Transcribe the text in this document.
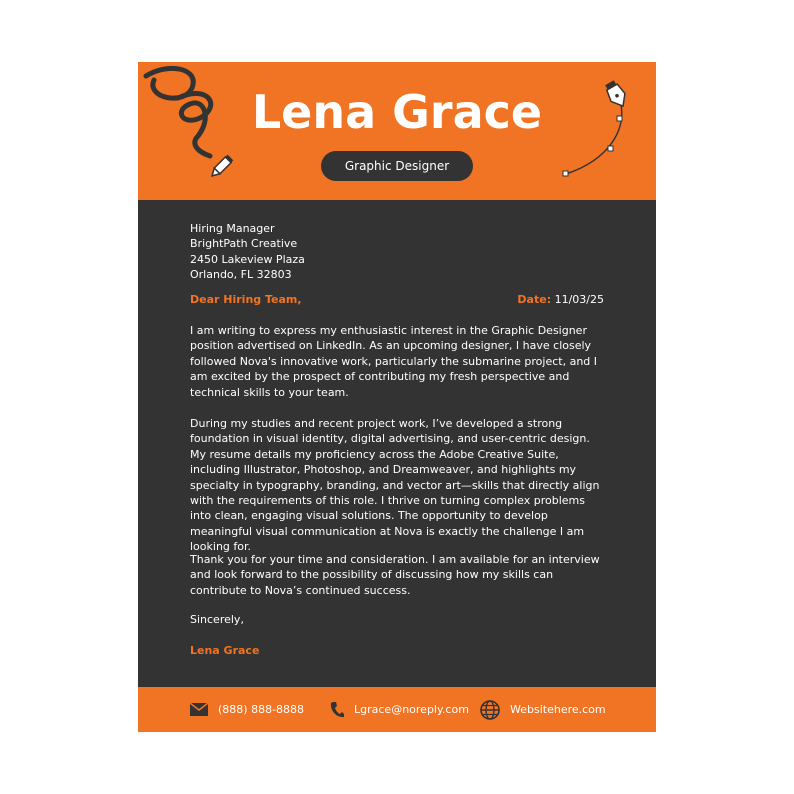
Lena Grace
Graphic Designer
Hiring Manager
BrightPath Creative
2450 Lakeview Plaza
Orlando, FL 32803
Dear Hiring Team,	Date: 11/03/25

I am writing to express my enthusiastic interest in the Graphic Designer position advertised on LinkedIn. As an upcoming designer, I have closely followed Nova's innovative work, particularly the submarine project, and I am excited by the prospect of contributing my fresh perspective and technical skills to your team.

During my studies and recent project work, I’ve developed a strong foundation in visual identity, digital advertising, and user-centric design. My resume details my proficiency across the Adobe Creative Suite, including Illustrator, Photoshop, and Dreamweaver, and highlights my specialty in typography, branding, and vector art—skills that directly align with the requirements of this role. I thrive on turning complex problems into clean, engaging visual solutions. The opportunity to develop meaningful visual communication at Nova is exactly the challenge I am looking for.

Thank you for your time and consideration. I am available for an interview and look forward to the possibility of discussing how my skills can contribute to Nova’s continued success.

Sincerely,
Lena Grace
(888) 888-8888	Lgrace@noreply.com	Websitehere.com
